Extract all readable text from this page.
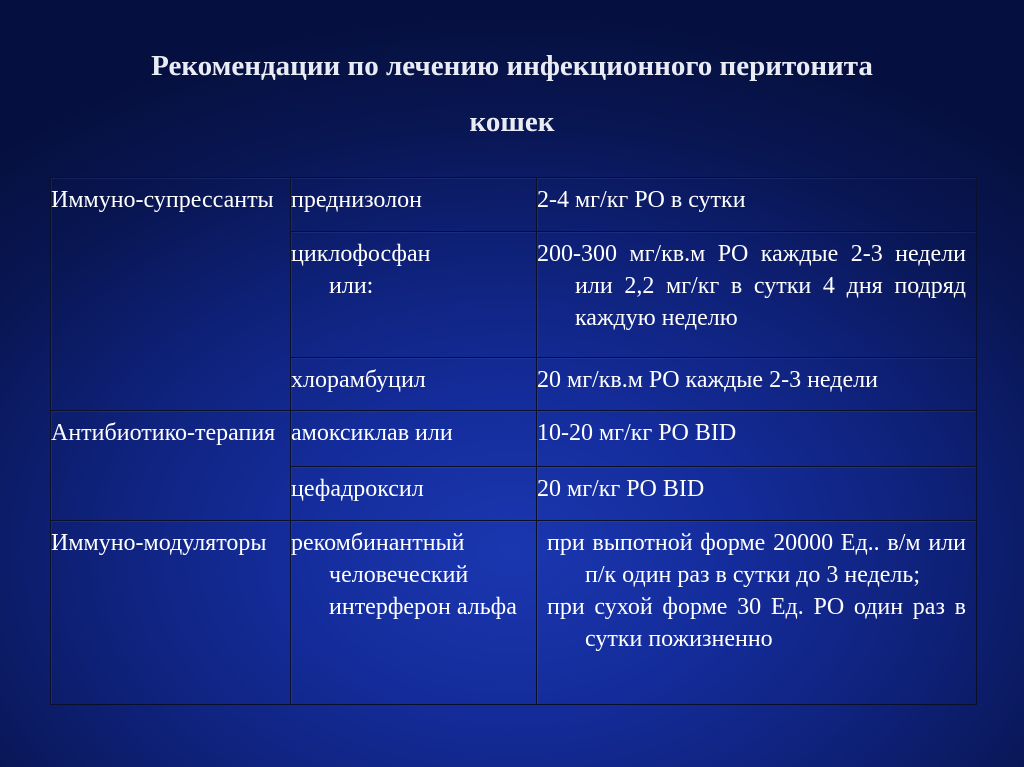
Рекомендации по лечению инфекционного перитонита
кошек
Иммуно-супрессанты	преднизолон	2-4 мг/кг PO в сутки

	циклофосфан или:	200-300 мг/кв.м PO каждые 2-3 недели или 2,2 мг/кг в сутки 4 дня подряд каждую неделю

	хлорамбуцил	20 мг/кв.м PO каждые 2-3 недели

Антибиотико-терапия	амоксиклав или	10-20 мг/кг PO BID

	цефадроксил	20 мг/кг PO BID

Иммуно-модуляторы	рекомбинантный человеческий интерферон альфа	при выпотной форме 20000 Ед.. в/м или п/к один раз в сутки до 3 недель;

при сухой форме 30 Ед. PO один раз в сутки пожизненно
